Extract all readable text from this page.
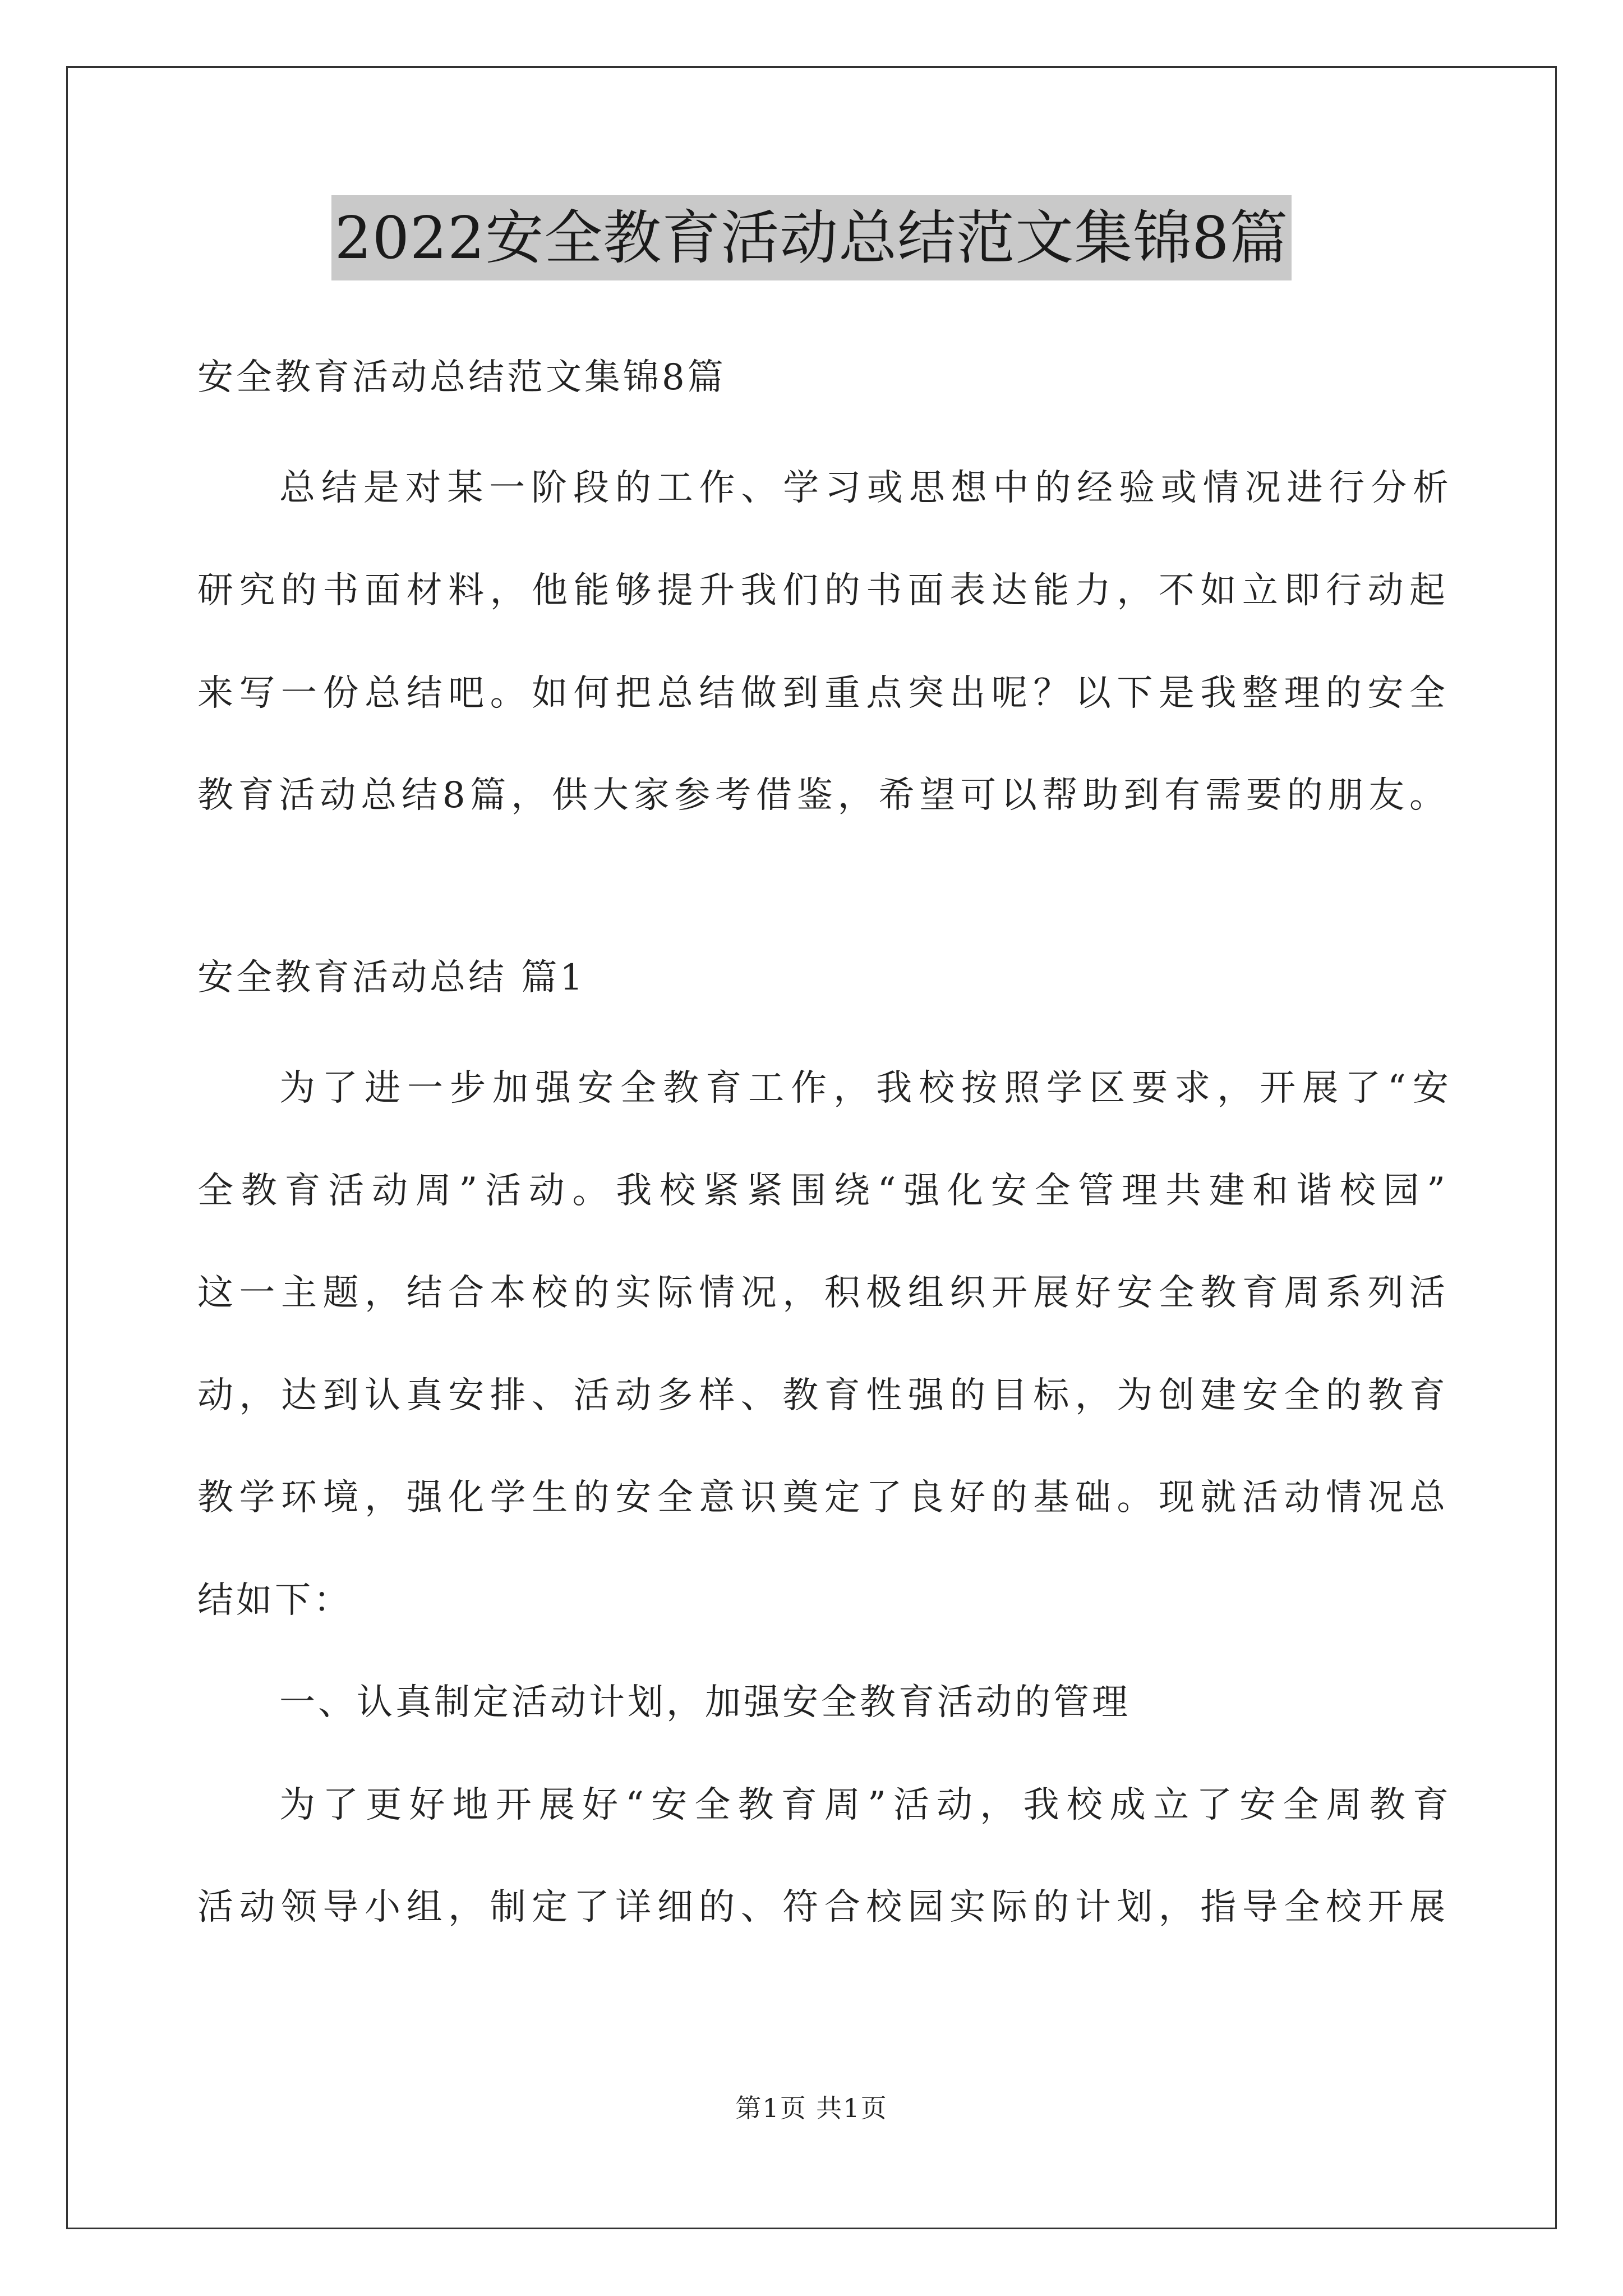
2022安全教育活动总结范文集锦8篇
安全教育活动总结范文集锦8篇
总结是对某一阶段的工作、学习或思想中的经验或情况进行分析
研究的书面材料，他能够提升我们的书面表达能力，不如立即行动起
来写一份总结吧。如何把总结做到重点突出呢？以下是我整理的安全
教育活动总结8篇，供大家参考借鉴，希望可以帮助到有需要的朋友。
安全教育活动总结 篇1
为了进一步加强安全教育工作，我校按照学区要求，开展了“安
全教育活动周”活动。我校紧紧围绕“强化安全管理共建和谐校园”
这一主题，结合本校的实际情况，积极组织开展好安全教育周系列活
动，达到认真安排、活动多样、教育性强的目标，为创建安全的教育
教学环境，强化学生的安全意识奠定了良好的基础。现就活动情况总
结如下：
一、认真制定活动计划，加强安全教育活动的管理
为了更好地开展好“安全教育周”活动，我校成立了安全周教育
活动领导小组，制定了详细的、符合校园实际的计划，指导全校开展
第1页 共1页
